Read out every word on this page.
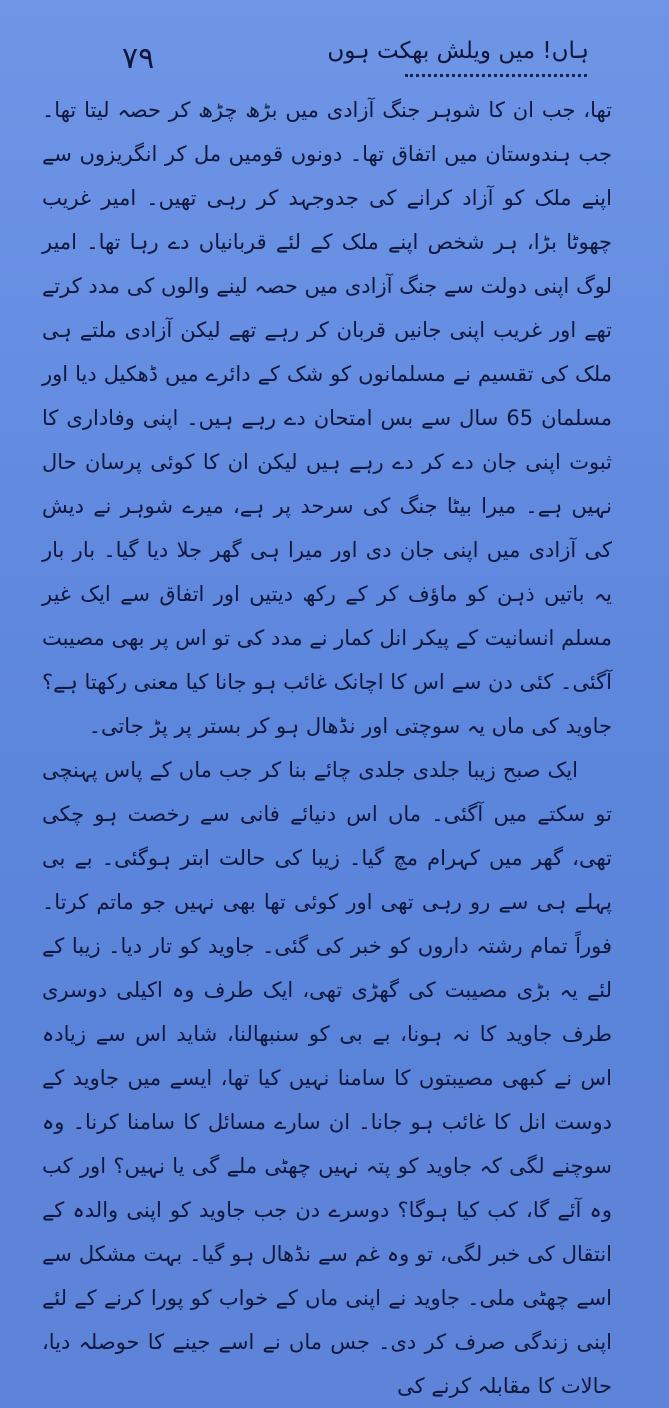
۷۹	ہاں! میں ویلش بھکت ہوں

تھا، جب ان کا شوہر جنگ آزادی میں بڑھ چڑھ کر حصہ لیتا تھا۔ جب ہندوستان میں اتفاق تھا۔ دونوں قومیں مل کر انگریزوں سے اپنے ملک کو آزاد کرانے کی جدوجہد کر رہی تھیں۔ امیر غریب چھوٹا بڑا، ہر شخص اپنے ملک کے لئے قربانیاں دے رہا تھا۔ امیر لوگ اپنی دولت سے جنگ آزادی میں حصہ لینے والوں کی مدد کرتے تھے اور غریب اپنی جانیں قربان کر رہے تھے لیکن آزادی ملتے ہی ملک کی تقسیم نے مسلمانوں کو شک کے دائرے میں ڈھکیل دیا اور مسلمان 65 سال سے بس امتحان دے رہے ہیں۔ اپنی وفاداری کا ثبوت اپنی جان دے کر دے رہے ہیں لیکن ان کا کوئی پرسان حال نہیں ہے۔ میرا بیٹا جنگ کی سرحد پر ہے، میرے شوہر نے دیش کی آزادی میں اپنی جان دی اور میرا ہی گھر جلا دیا گیا۔ بار بار یہ باتیں ذہن کو ماؤف کر کے رکھ دیتیں اور اتفاق سے ایک غیر مسلم انسانیت کے پیکر انل کمار نے مدد کی تو اس پر بھی مصیبت آگئی۔ کئی دن سے اس کا اچانک غائب ہو جانا کیا معنی رکھتا ہے؟ جاوید کی ماں یہ سوچتی اور نڈھال ہو کر بستر پر پڑ جاتی۔

ایک صبح زیبا جلدی جلدی چائے بنا کر جب ماں کے پاس پہنچی تو سکتے میں آگئی۔ ماں اس دنیائے فانی سے رخصت ہو چکی تھی، گھر میں کہرام مچ گیا۔ زیبا کی حالت ابتر ہوگئی۔ بے بی پہلے ہی سے رو رہی تھی اور کوئی تھا بھی نہیں جو ماتم کرتا۔ فوراً تمام رشتہ داروں کو خبر کی گئی۔ جاوید کو تار دیا۔ زیبا کے لئے یہ بڑی مصیبت کی گھڑی تھی، ایک طرف وہ اکیلی دوسری طرف جاوید کا نہ ہونا، بے بی کو سنبھالنا، شاید اس سے زیادہ اس نے کبھی مصیبتوں کا سامنا نہیں کیا تھا، ایسے میں جاوید کے دوست انل کا غائب ہو جانا۔ ان سارے مسائل کا سامنا کرنا۔ وہ سوچنے لگی کہ جاوید کو پتہ نہیں چھٹی ملے گی یا نہیں؟ اور کب وہ آئے گا، کب کیا ہوگا؟ دوسرے دن جب جاوید کو اپنی والدہ کے انتقال کی خبر لگی، تو وہ غم سے نڈھال ہو گیا۔ بہت مشکل سے اسے چھٹی ملی۔ جاوید نے اپنی ماں کے خواب کو پورا کرنے کے لئے اپنی زندگی صرف کر دی۔ جس ماں نے اسے جینے کا حوصلہ دیا، حالات کا مقابلہ کرنے کی
